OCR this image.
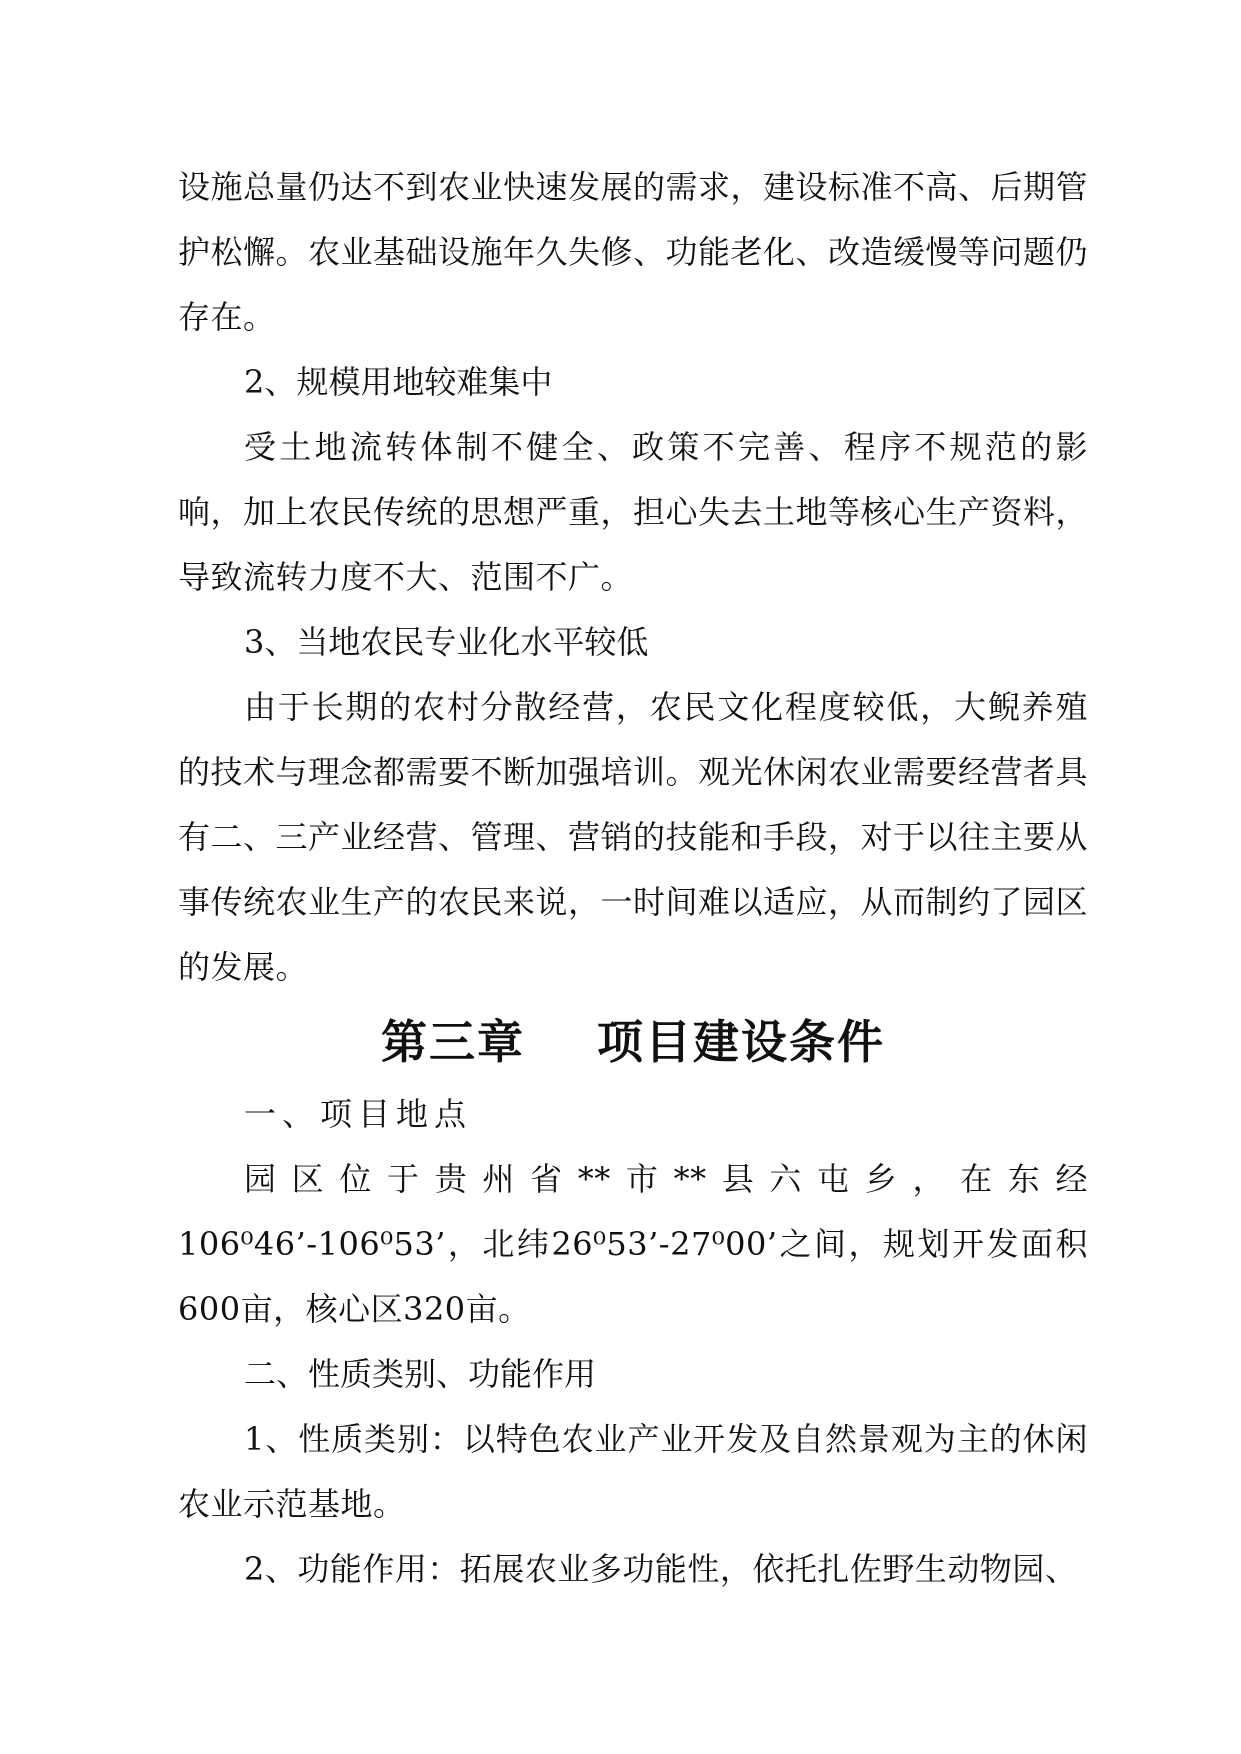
设施总量仍达不到农业快速发展的需求，建设标准不高、后期管护松懈。农业基础设施年久失修、功能老化、改造缓慢等问题仍存在。

2、规模用地较难集中

受土地流转体制不健全、政策不完善、程序不规范的影响，加上农民传统的思想严重，担心失去土地等核心生产资料，导致流转力度不大、范围不广。

3、当地农民专业化水平较低

由于长期的农村分散经营，农民文化程度较低，大鲵养殖的技术与理念都需要不断加强培训。观光休闲农业需要经营者具有二、三产业经营、管理、营销的技能和手段，对于以往主要从事传统农业生产的农民来说，一时间难以适应，从而制约了园区的发展。

第三章    项目建设条件

一、项目地点

园区位于贵州省**市**县六屯乡，在东经106⁰46’-106⁰53’，北纬26⁰53’-27⁰00’之间，规划开发面积600亩，核心区320亩。

二、性质类别、功能作用

1、性质类别：以特色农业产业开发及自然景观为主的休闲农业示范基地。

2、功能作用：拓展农业多功能性，依托扎佐野生动物园、
